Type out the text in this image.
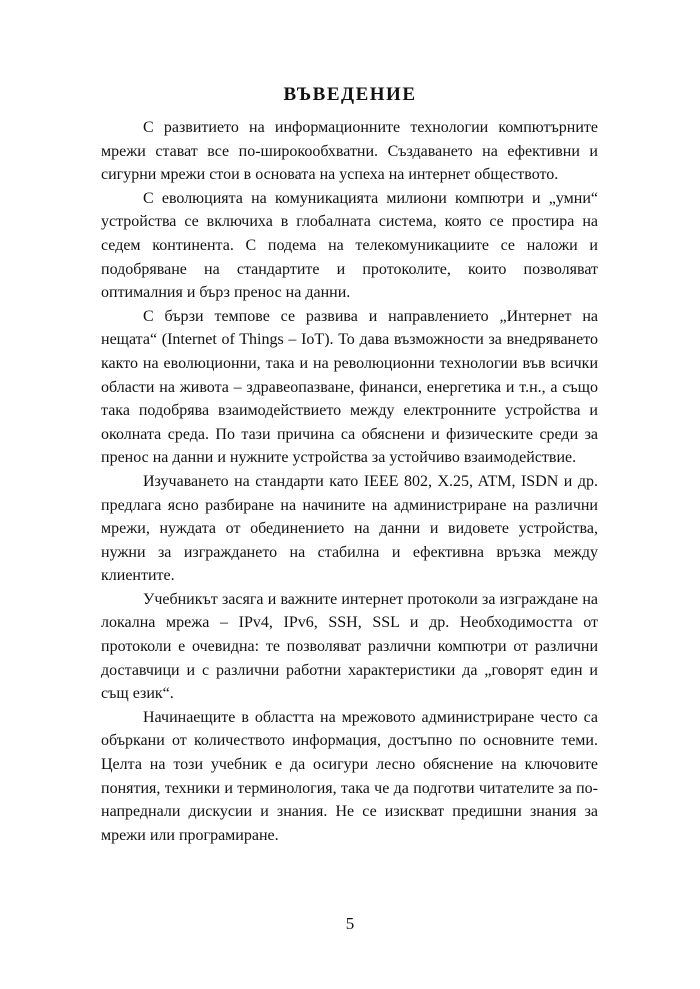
ВЪВЕДЕНИЕ

С развитието на информационните технологии компютърните мрежи стават все по-широкообхватни. Създаването на ефективни и сигурни мрежи стои в основата на успеха на интернет обществото.

С еволюцията на комуникацията милиони компютри и „умни“ устройства се включиха в глобалната система, която се простира на седем континента. С подема на телекомуникациите се наложи и подобряване на стандартите и протоколите, които позволяват оптималния и бърз пренос на данни.

С бързи темпове се развива и направлението „Интернет на нещата“ (Internet of Things – IoT). То дава възможности за внедряването както на еволюционни, така и на революционни технологии във всички области на живота – здравеопазване, финанси, енергетика и т.н., а също така подобрява взаимодействието между електронните устройства и околната среда. По тази причина са обяснени и физическите среди за пренос на данни и нужните устройства за устойчиво взаимодействие.

Изучаването на стандарти като IEEE 802, X.25, ATM, ISDN и др. предлага ясно разбиране на начините на администриране на различни мрежи, нуждата от обединението на данни и видовете устройства, нужни за изграждането на стабилна и ефективна връзка между клиентите.

Учебникът засяга и важните интернет протоколи за изграждане на локална мрежа – IPv4, IPv6, SSH, SSL и др. Необходимостта от протоколи е очевидна: те позволяват различни компютри от различни доставчици и с различни работни характеристики да „говорят един и същ език“.

Начинаещите в областта на мрежовото администриране често са объркани от количеството информация, достъпно по основните теми. Целта на този учебник е да осигури лесно обяснение на ключовите понятия, техники и терминология, така че да подготви читателите за по-напреднали дискусии и знания. Не се изискват предишни знания за мрежи или програмиране.

5
